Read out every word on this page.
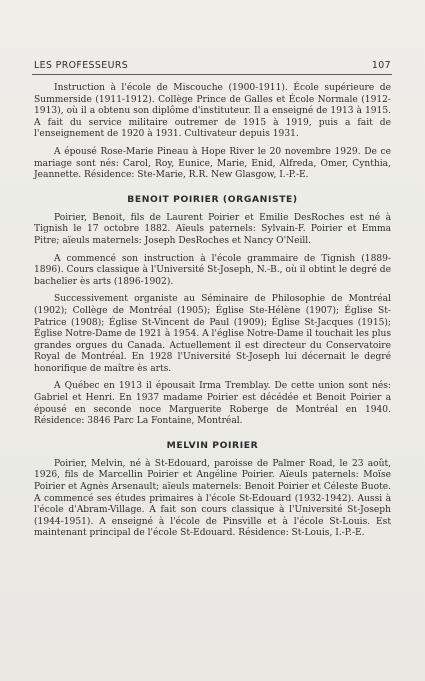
LES PROFESSEURS	107

Instruction à l'école de Miscouche (1900-1911). École supérieure de Summerside (1911-1912). Collège Prince de Galles et École Normale (1912-1913), où il a obtenu son diplôme d'instituteur. Il a enseigné de 1913 à 1915. A fait du service militaire outremer de 1915 à 1919, puis a fait de l'enseignement de 1920 à 1931. Cultivateur depuis 1931.

A épousé Rose-Marie Pineau à Hope River le 20 novembre 1929. De ce mariage sont nés: Carol, Roy, Eunice, Marie, Enid, Alfreda, Omer, Cynthia, Jeannette. Résidence: Ste-Marie, R.R. New Glasgow, I.-P.-E.

BENOIT POIRIER (ORGANISTE)

Poirier, Benoit, fils de Laurent Poirier et Emilie DesRoches est né à Tignish le 17 octobre 1882. Aïeuls paternels: Sylvain-F. Poirier et Emma Pitre; aïeuls maternels: Joseph DesRoches et Nancy O'Neill.

A commencé son instruction à l'école grammaire de Tignish (1889-1896). Cours classique à l'Université St-Joseph, N.-B., où il obtint le degré de bachelier ès arts (1896-1902).

Successivement organiste au Séminaire de Philosophie de Montréal (1902); Collège de Montréal (1905); Église Ste-Hélène (1907); Église St-Patrice (1908); Église St-Vincent de Paul (1909); Église St-Jacques (1915); Église Notre-Dame de 1921 à 1954. A l'église Notre-Dame il touchait les plus grandes orgues du Canada. Actuellement il est directeur du Conservatoire Royal de Montréal. En 1928 l'Université St-Joseph lui décernait le degré honorifique de maître ès arts.

A Québec en 1913 il épousait Irma Tremblay. De cette union sont nés: Gabriel et Henri. En 1937 madame Poirier est décédée et Benoit Poirier a épousé en seconde noce Marguerite Roberge de Montréal en 1940. Résidence: 3846 Parc La Fontaine, Montréal.

MELVIN POIRIER

Poirier, Melvin, né à St-Edouard, paroisse de Palmer Road, le 23 août, 1926, fils de Marcellin Poirier et Angéline Poirier. Aïeuls paternels: Moïse Poirier et Agnès Arsenault; aïeuls maternels: Benoit Poirier et Céleste Buote. A commencé ses études primaires à l'école St-Edouard (1932-1942). Aussi à l'école d'Abram-Village. A fait son cours classique à l'Université St-Joseph (1944-1951). A enseigné à l'école de Pinsville et à l'école St-Louis. Est maintenant principal de l'école St-Edouard. Résidence: St-Louis, I.-P.-E.
